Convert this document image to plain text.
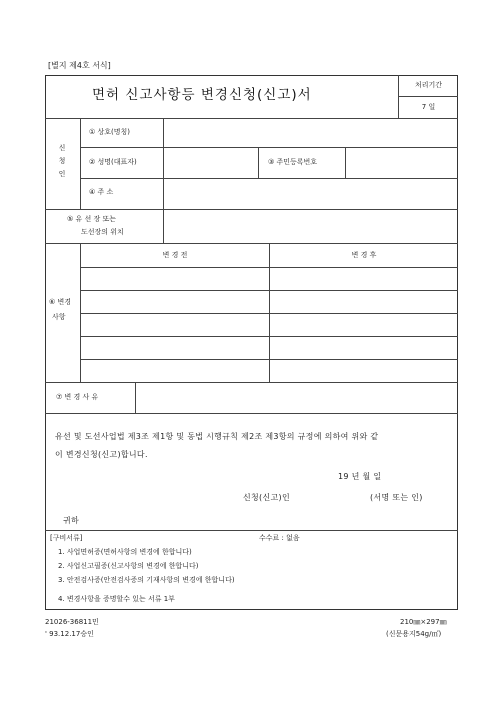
[별지 제4호 서식]
면허 신고사항등 변경신청(신고)서
처리기간
7 일
신
청
인
① 상호(명칭)
② 성명(대표자)	③ 주민등록번호
④ 주 소
⑤ 유 선 장 또는
도선장의 위치
⑥ 변경
사항
변 경 전	변 경 후
⑦ 변 경 사 유
유선 및 도선사업법 제3조 제1항 및 동법 시행규칙 제2조 제3항의 규정에 의하여 위와 같
이 변경신청(신고)합니다.
19 년 월 일
신청(신고)인	(서명 또는 인)
귀하
[구비서류]	수수료 : 없음
1. 사업면허증(면허사항의 변경에 한합니다)
2. 사업신고필증(신고사항의 변경에 한합니다)
3. 안전검사증(안전검사증의 기재사항의 변경에 한합니다)
4. 변경사항을 증명할수 있는 서류 1부
21026-36811민
' 93.12.17승인
210㎜×297㎜
(신문용지54g/㎡)
